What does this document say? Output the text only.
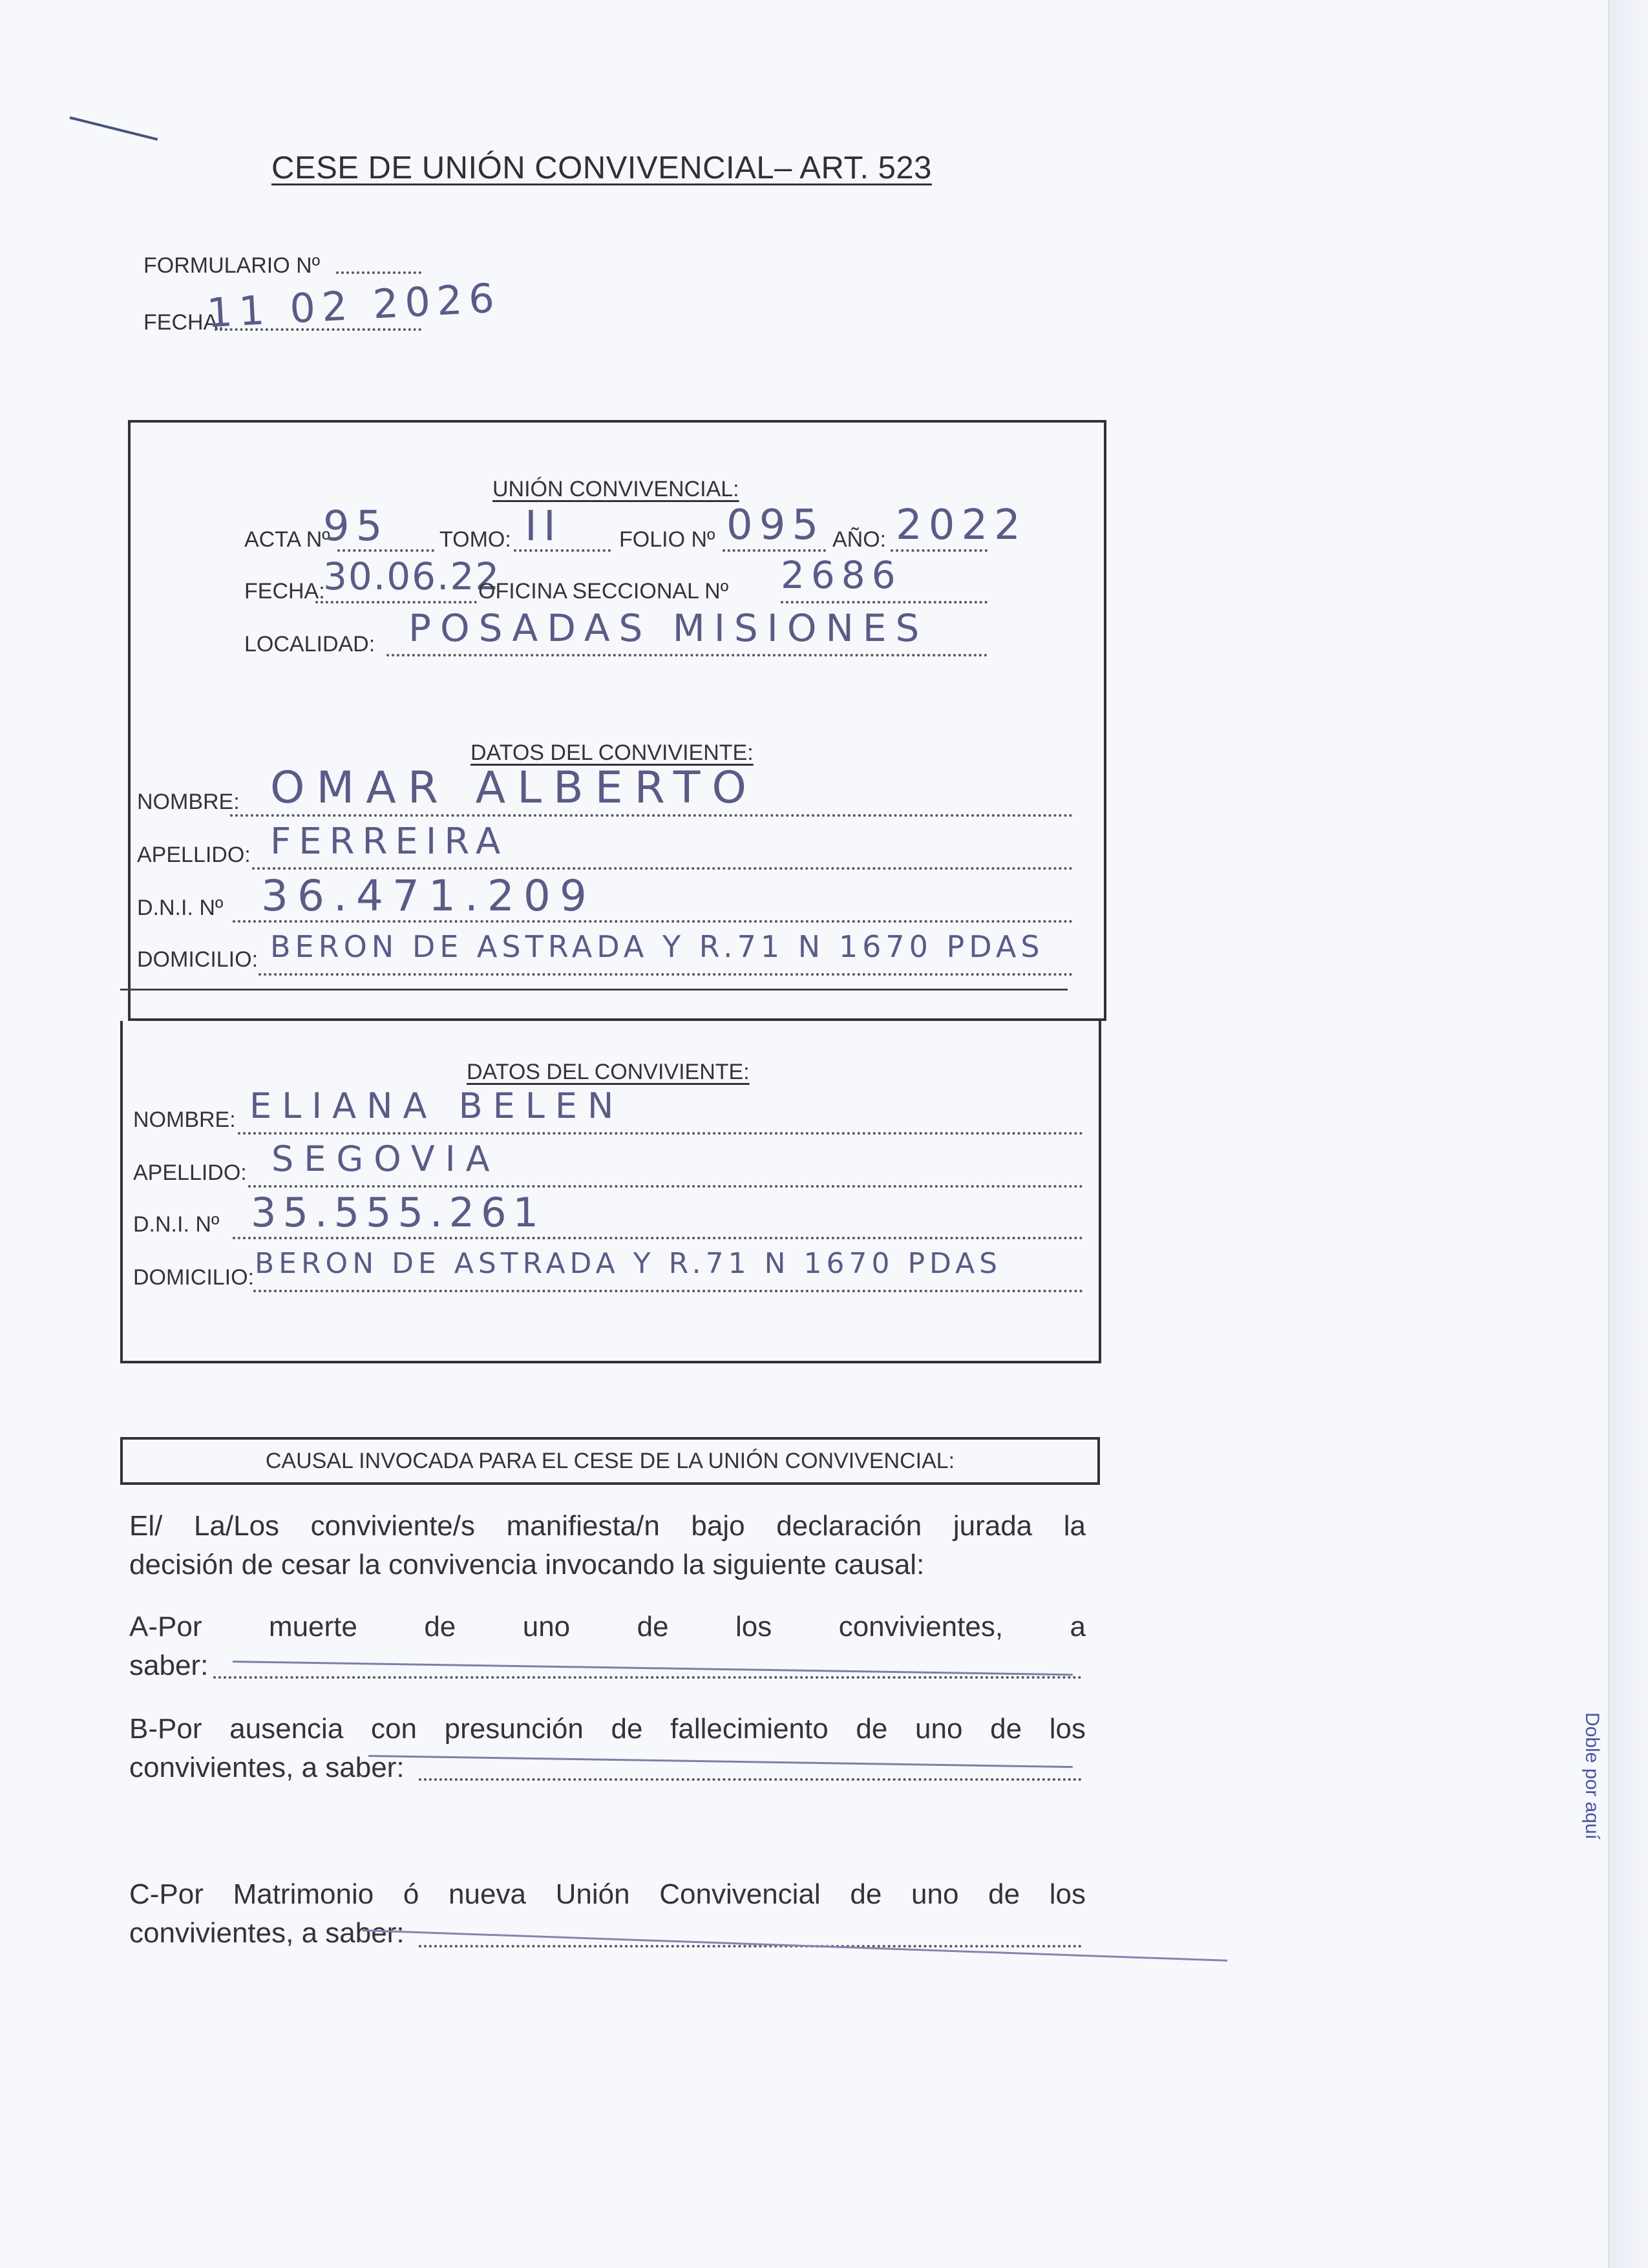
CESE DE UNIÓN CONVIVENCIAL– ART. 523
FORMULARIO Nº
FECHA:
11 02 2026
UNIÓN CONVIVENCIAL:
ACTA Nº
95 TOMO: II	FOLIO Nº 095 AÑO: 2022
FECHA:
30.06.22
OFICINA SECCIONAL Nº 2686
LOCALIDAD: POSADAS MISIONES
DATOS DEL CONVIVIENTE:
NOMBRE: OMAR ALBERTO
APELLIDO: FERREIRA
D.N.I. Nº 36.471.209
DOMICILIO: BERON DE ASTRADA Y R.71 N 1670 PDAS
DATOS DEL CONVIVIENTE:
NOMBRE: ELIANA BELEN
APELLIDO: SEGOVIA
D.N.I. Nº 35.555.261
DOMICILIO: BERON DE ASTRADA Y R.71 N 1670 PDAS
CAUSAL INVOCADA PARA EL CESE DE LA UNIÓN CONVIVENCIAL:
El/ La/Los conviviente/s manifiesta/n bajo declaración jurada la
decisión de cesar la convivencia invocando la siguiente causal:
A-Por muerte de uno de los convivientes, a
saber:
B-Por ausencia con presunción de fallecimiento de uno de los
convivientes, a saber:
C-Por Matrimonio ó nueva Unión Convivencial de uno de los
convivientes, a saber:
Doble por aquí
